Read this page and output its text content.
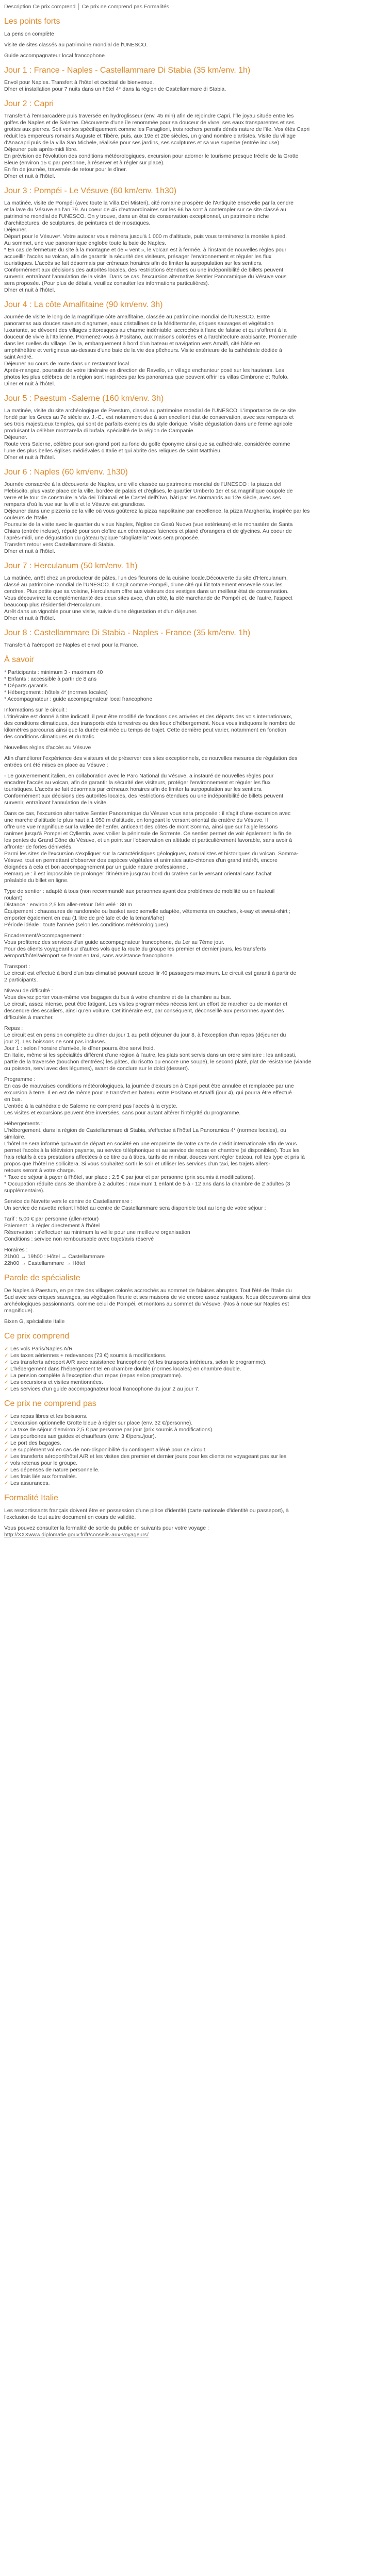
Description Ce prix comprend │ Ce prix ne comprend pas Formalités
Les points forts

La pension complète

Visite de sites classés au patrimoine mondial de l'UNESCO.

Guide accompagnateur local francophone

Jour 1 : France - Naples - Castellammare Di Stabia (35 km/env. 1h)

Envol pour Naples. Transfert à l'hôtel et cocktail de bienvenue.
Dîner et installation pour 7 nuits dans un hôtel 4* dans la région de Castellammare di Stabia.

Jour 2 : Capri

Transfert à l'embarcadère puis traversée en hydroglisseur (env. 45 min) afin de rejoindre Capri, l'île joyau située entre les
golfes de Naples et de Salerne. Découverte d'une île renommée pour sa douceur de vivre, ses eaux transparentes et ses
grottes aux pierres. Soit ventes spécifiquement comme les Faraglioni, trois rochers pensifs dénés nature de l'île. Vos étés Capri
réduit les empereurs romains Auguste et Tibère, puis, aux 19e et 20e siècles, un grand nombre d'artistes. Visite du village
d'Anacapri puis de la villa San Michele, réalisée pour ses jardins, ses sculptures et sa vue superbe (entrée incluse).
Déjeuner puis après-midi libre.
En prévision de l'évolution des conditions météorologiques, excursion pour adorner le tourisme presque Iréelle de la Grotte
Bleue (environ 15 € par personne, à réserver et à régler sur place).
En fin de journée, traversée de retour pour le dîner.
Dîner et nuit à l'hôtel.

Jour 3 : Pompéi - Le Vésuve (60 km/env. 1h30)

La matinée, visite de Pompéi (avec toute la Villa Dei Misteri), cité romaine prospère de l'Antiquité ensevelie par la cendre
et la lave du Vésuve en l'an 79. Au coeur de 45 d'extraordinaires sur les 66 ha sont à contempler sur ce site classé au
patrimoine mondial de l'UNESCO. On y trouve, dans un état de conservation exceptionnel, un patrimoine riche
d'architectures, de sculptures, de peintures et de mosaïques.
Déjeuner.
Départ pour le Vésuve*. Votre autocar vous mènera jusqu'à 1 000 m d'altitude, puis vous terminerez la montée à pied.
Au sommet, une vue panoramique englobe toute la baie de Naples.
* En cas de fermeture du site à la montagne et de « vent », le volcan est à fermée, à l'instant de nouvelles règles pour
accueillir l'accès au volcan, afin de garantir la sécurité des visiteurs, présager l'environnement et réguler les flux
touristiques. L'accès se fait désormais par créneaux horaires afin de limiter la surpopulation sur les sentiers.
Conformément aux décisions des autorités locales, des restrictions étendues ou une indéponibilité de billets peuvent
survenir, entraînant l'annulation de la visite. Dans ce cas, l'excursion alternative Sentier Panoramique du Vésuve vous
sera proposée. (Pour plus de détails, veuillez consulter les informations particulières).
Dîner et nuit à l'hôtel.

Jour 4 : La côte Amalfitaine (90 km/env. 3h)

Journée de visite le long de la magnifique côte amalfitaine, classée au patrimoine mondial de l'UNESCO. Entre
panoramas aux douces saveurs d'agrumes, eaux cristallines de la Méditerranée, criques sauvages et végétation
luxuriante, se dévoent des villages pittoresques au charme indéniable, accrochés à flanc de falaise et qui s'offrent à la
douceur de vivre à l'Italienne. Promenez-vous à Positano, aux maisons colorées et à l'architecture arabisante. Promenade
dans les ruelles du village. De la, embarquement à bord d'un bateau et navigation vers Amalfi, cité bâtie en
amphithéâtre et vertigineux au-dessus d'une baie de la vie des pêcheurs. Visite extérieure de la cathédrale dédiée à
saint André.
Déjeuner au cours de route dans un restaurant local.
Après-mangez, poursuite de votre itinéraire en direction de Ravello, un village enchanteur posé sur les hauteurs. Les
photos les plus célèbres de la région sont inspirées par les panoramas que peuvent offrir les villas Cimbrone et Rufolo.
Dîner et nuit à l'hôtel.

Jour 5 : Paestum -Salerne (160 km/env. 3h)

La matinée, visite du site archéologique de Paestum, classé au patrimoine mondial de l'UNESCO. L'importance de ce site
fondé par les Grecs au 7e siècle av. J.-C., est notamment due à son excellent état de conservation, avec ses remparts et
ses trois majestueux temples, qui sont de parfaits exemples du style dorique. Visite dégustation dans une ferme agricole
produisant la célèbre mozzarella di bufala, spécialité de la région de Campanie.
Déjeuner.
Route vers Salerne, célèbre pour son grand port au fond du golfe éponyme ainsi que sa cathédrale, considérée comme
l'une des plus belles églises médiévales d'Italie et qui abrite des reliques de saint Matthieu.
Dîner et nuit à l'hôtel.

Jour 6 : Naples (60 km/env. 1h30)

Journée consacrée à la découverte de Naples, une ville classée au patrimoine mondial de l'UNESCO : la piazza del
Plebiscito, plus vaste place de la ville, bordée de palais et d'églises, le quartier Umberto 1er et sa magnifique coupole de
verre et le tour de construire la Via dei Tribunali et le Castel dell'Ovo, bâti par les Normands au 12e siècle, avec ses
remparts d'où la vue sur la ville et le Vésuve est grandiose.
Déjeuner dans une pizzeria de la ville où vous goûterez la pizza napolitaine par excellence, la pizza Margherita, inspirée par les
couleurs de l'Italie.
Poursuite de la visite avec le quartier du vieux Naples, l'église de Gesù Nuovo (vue extérieure) et le monastère de Santa
Chiara (entrée incluse), réputé pour son cloître aux céramiques faiences et plané d'orangers et de glycines. Au coeur de
l'après-midi, une dégustation du gâteau typique "sfogliatella" vous sera proposée.
Transfert retour vers Castellammare di Stabia.
Dîner et nuit à l'hôtel.

Jour 7 : Herculanum (50 km/env. 1h)

La matinée, arrêt chez un producteur de pâtes, l'un des fleurons de la cuisine locale.Découverte du site d'Herculanum,
classé au patrimoine mondial de l'UNESCO. Il s'agit comme Pompéi, d'une cité qui fût totalement ensevelie sous les
cendres. Plus petite que sa voisine, Herculanum offre aux visiteurs des vestiges dans un meilleur état de conservation.
Vous découvrirez la complémentarité des deux sites avec, d'un côté, la cité marchande de Pompéi et, de l'autre, l'aspect
beaucoup plus résidentiel d'Herculanum.
Arrêt dans un vignoble pour une visite, suivie d'une dégustation et d'un déjeuner.
Dîner et nuit à l'hôtel.

Jour 8 : Castellammare Di Stabia - Naples - France (35 km/env. 1h)

Transfert à l'aéroport de Naples et envol pour la France.

À savoir

* Participants : minimum 3 - maximum 40
* Enfants : accessible à partir de 8 ans
* Départs garantis
* Hébergement : hôtels 4* (normes locales)
* Accompagnateur : guide accompagnateur local francophone

Informations sur le circuit :
L'itinéraire est donné à titre indicatif, il peut être modifié de fonctions des arrivées et des départs des vols internationaux,
des conditions climatiques, des transports etés terrestres ou des lieux d'hébergement. Nous vous indiquons le nombre de
kilomètres parcourus ainsi que la durée estimée du temps de trajet. Cette dernière peut varier, notamment en fonction
des conditions climatiques et du trafic.

Nouvelles règles d'accès au Vésuve

Afin d'améliorer l'expérience des visiteurs et de préserver ces sites exceptionnels, de nouvelles mesures de régulation des
entrées ont été mises en place au Vésuve :

- Le gouvernement italien, en collaboration avec le Parc National du Vésuve, a instauré de nouvelles règles pour
encadrer l'accès au volcan, afin de garantir la sécurité des visiteurs, protéger l'environnement et réguler les flux
touristiques. L'accès se fait désormais par créneaux horaires afin de limiter la surpopulation sur les sentiers.
Conformément aux décisions des autorités locales, des restrictions étendues ou une indéponibilité de billets peuvent
survenir, entraînant l'annulation de la visite.

Dans ce cas, l'excursion alternative Sentier Panoramique du Vésuve vous sera proposée : il s'agit d'une excursion avec
une marche d'altitude le plus haut à 1 050 m d'altitude, en longeant le versant oriental du cratère du Vésuve. Il
offre une vue magnifique sur la vallée de l'Enfer, anticeant des côtes de mont Somma, ainsi que sur l'aigle lessons
ranimes jusqu'à Pompei et Cyllentin, avec voilier la péninsule de Sorrente. Ce sentier permet de voir également la fin de
les pentes du Grand Cône du Vésuve, et un point sur l'observation en altitude et particulièrement favorable, sans avoir à
affronter de fortes dénivelés.
Parmi les sites de l'excursion s'expliquer sur la caractéristiques géologiques, naturalistes et historiques du volcan. Somma-
Vésuve, tout en permettant d'observer des espèces végétales et animales auto-chtones d'un grand intérêt, encore
éloignées à cela et bon accompagnement par un guide nature professionnel.
Remarque : il est impossible de prolonger l'itinéraire jusqu'au bord du cratère sur le versant oriental sans l'achat
préalable du billet en ligne.

Type de sentier : adapté à tous (non recommandé aux personnes ayant des problèmes de mobilité ou en fauteuil
roulant)
Distance : environ 2,5 km aller-retour Dénivelé : 80 m
Équipement : chaussures de randonnée ou basket avec semelle adaptée, vêtements en couches, k-way et sweat-shirt ;
emporter également en eau (1 litre de pré taïe et de la tenant/laïre)
Période idéale : toute l'année (selon les conditions météorologiques)

Encadrement/Accompagnement :
Vous profiterez des services d'un guide accompagnateur francophone, du 1er au 7ème jour.
Pour des clients voyageant sur d'autres vols que la route du groupe les premier et dernier jours, les transferts
aéroport/hôtel/aéroport se feront en taxi, sans assistance francophone.

Transport :
Le circuit est effectué à bord d'un bus climatisé pouvant accueillir 40 passagers maximum. Le circuit est garanti à partir de
2 participants.

Niveau de difficulté :
Vous devrez porter vous-même vos bagages du bus à votre chambre et de la chambre au bus.
Le circuit, assez intense, peut être fatigant. Les visites programmées nécessitent un effort de marcher ou de monter et
descendre des escaliers, ainsi qu'en voiture. Cet itinéraire est, par conséquent, déconseillé aux personnes ayant des
difficultés à marcher.

Repas :
Le circuit est en pension complète du dîner du jour 1 au petit déjeuner du jour 8, à l'exception d'un repas (déjeuner du
jour 2). Les boissons ne sont pas incluses.
Jour 1 : selon l'horaire d'arrivée, le dîner pourra être servi froid.
En Italie, même si les spécialités diffèrent d'une région à l'autre, les plats sont servis dans un ordre similaire : les antipasti,
partie de la traversée (bouchon d'entrées) les pâtes, du risotto ou encore une soupe), le second platé, plat de résistance (viande
ou poisson, servi avec des légumes), avant de conclure sur le dolci (dessert).

Programme :
En cas de mauvaises conditions météorologiques, la journée d'excursion à Capri peut être annulée et remplacée par une
excursion à terre. Il en est de même pour le transfert en bateau entre Positano et Amalfi (jour 4), qui pourra être effectué
en bus.
L'entrée à la cathédrale de Salerne ne comprend pas l'accès à la crypte.
Les visites et excursions peuvent être inversées, sans pour autant altérer l'intégrité du programme.

Hébergements :
L'hébergement, dans la région de Castellammare di Stabia, s'effectue à l'hôtel La Panoramica 4* (normes locales), ou
similaire.
L'hôtel ne sera informé qu'avant de départ en société en une empreinte de votre carte de crédit internationale afin de vous
permet l'accès à la télévision payante, au service téléphonique et au service de repas en chambre (si disponibles). Tous les
frais relatifs à ces prestations affectées à ce titre ou à titres, tarifs de minibar, douces vont régler bateau, roll tes type et pris là
propos que l'hôtel ne sollicitera. Si vous souhaitez sortir le soir et utiliser les services d'un taxi, les trajets allers-
retours seront à votre charge.
* Taxe de séjour à payer à l'hôtel, sur place : 2,5 € par jour et par personne (prix soumis à modifications).
* Occupation réduite dans 3e chambre à 2 adultes : maximum 1 enfant de 5 à - 12 ans dans la chambre de 2 adultes (3
supplémentaire).

Service de Navette vers le centre de Castellammare :
Un service de navette reliant l'hôtel au centre de Castellammare sera disponible tout au long de votre séjour :

Tarif : 5,00 € par personne (aller-retour)
Paiement : à régler directement à l'hôtel
Réservation : s'effectuer au minimum la veille pour une meilleure organisation
Conditions : service non remboursable avec trajet/avis réservé

Horaires :
21h00 → 19h00 : Hôtel → Castellammare
22h00 → Castellammare → Hôtel

Parole de spécialiste

De Naples à Paestum, en peintre des villages colorés accrochés au sommet de falaises abruptes. Tout l'été de l'Italie du
Sud avec ses criques sauvages, sa végétation fleurie et ses maisons de vie encore assez rustiques. Nous découvrons ainsi des
archéologiques passionnants, comme celui de Pompéi, et montons au sommet du Vésuve. (Nos à noue sur Naples est
magnifique).

Bixen G, spécialiste Italie

Ce prix comprend
✓ Les vols Paris/Naples A/R
✓ Les taxes aériennes + redevances (73 €) soumis à modifications.
✓ Les transferts aéroport A/R avec assistance francophone (et les transports intérieurs, selon le programme).
✓ L'hébergement dans l'hébergement tel en chambre double (normes locales) en chambre double.
✓ La pension complète à l'exception d'un repas (repas selon programme).
✓ Les excursions et visites mentionnées.
✓ Les services d'un guide accompagnateur local francophone du jour 2 au jour 7.
Ce prix ne comprend pas
✓ Les repas libres et les boissons.
✓ L'excursion optionnelle Grotte bleue à régler sur place (env. 32 €/personne).
✓ La taxe de séjour d'environ 2,5 € par personne par jour (prix soumis à modifications).
✓ Les pourboires aux guides et chauffeurs (env. 3 €/pers./jour).
✓ Le port des bagages.
✓ Le supplément vol en cas de non-disponibilité du contingent alléué pour ce circuit.
✓ Les transferts aéroport/hôtel A/R et les visites des premier et dernier jours pour les clients ne voyageant pas sur les
✓ vols retenus pour le groupe.
✓ Les dépenses de nature personnelle.
✓ Les frais liés aux formalités.
✓ Les assurances.
Formalité Italie

Les ressortissants français doivent être en possession d'une pièce d'identité (carte nationale d'identité ou passeport), à
l'exclusion de tout autre document en cours de validité.

Vous pouvez consulter la formalité de sortie du public en suivants pour votre voyage :
http://XXXwww.diplomatie.gouv.fr/fr/conseils-aux-voyageurs/
